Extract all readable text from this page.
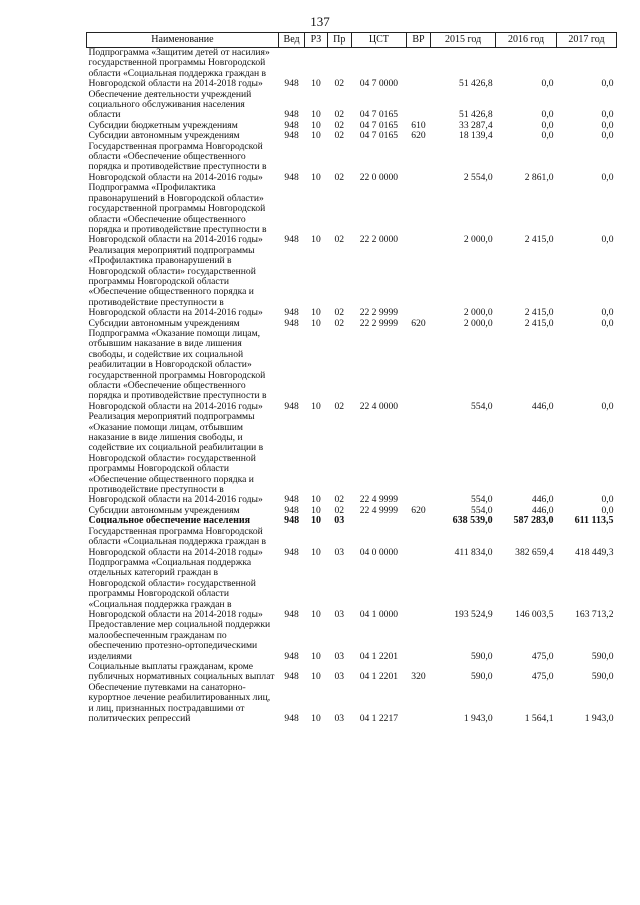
137
Наименование	Вед	РЗ	Пр	ЦСТ	ВР	2015 год	2016 год	2017 год
Подпрограмма «Защитим детей от насилия» государственной программы Новгородской области «Социальная поддержка граждан в Новгородской области на 2014-2018 годы»	948	10	02	04 7 0000		51 426,8	0,0	0,0
Обеспечение деятельности учреждений социального обслуживания населения области	948	10	02	04 7 0165		51 426,8	0,0	0,0
Субсидии бюджетным учреждениям	948	10	02	04 7 0165	610	33 287,4	0,0	0,0
Субсидии автономным учреждениям	948	10	02	04 7 0165	620	18 139,4	0,0	0,0
Государственная программа Новгородской области «Обеспечение общественного порядка и противодействие преступности в Новгородской области на 2014-2016 годы»	948	10	02	22 0 0000		2 554,0	2 861,0	0,0
Подпрограмма «Профилактика правонарушений в Новгородской области» государственной программы Новгородской области «Обеспечение общественного порядка и противодействие преступности в Новгородской области на 2014-2016 годы»	948	10	02	22 2 0000		2 000,0	2 415,0	0,0
Реализация мероприятий подпрограммы «Профилактика правонарушений в Новгородской области» государственной программы Новгородской области «Обеспечение общественного порядка и противодействие преступности в Новгородской области на 2014-2016 годы»	948	10	02	22 2 9999		2 000,0	2 415,0	0,0
Субсидии автономным учреждениям	948	10	02	22 2 9999	620	2 000,0	2 415,0	0,0
Подпрограмма «Оказание помощи лицам, отбывшим наказание в виде лишения свободы, и содействие их социальной реабилитации в Новгородской области» государственной программы Новгородской области «Обеспечение общественного порядка и противодействие преступности в Новгородской области на 2014-2016 годы»	948	10	02	22 4 0000		554,0	446,0	0,0
Реализация мероприятий подпрограммы «Оказание помощи лицам, отбывшим наказание в виде лишения свободы, и содействие их социальной реабилитации в Новгородской области» государственной программы Новгородской области «Обеспечение общественного порядка и противодействие преступности в Новгородской области на 2014-2016 годы»	948	10	02	22 4 9999		554,0	446,0	0,0
Субсидии автономным учреждениям	948	10	02	22 4 9999	620	554,0	446,0	0,0
Социальное обеспечение населения	948	10	03			638 539,0	587 283,0	611 113,5
Государственная программа Новгородской области «Социальная поддержка граждан в Новгородской области на 2014-2018 годы»	948	10	03	04 0 0000		411 834,0	382 659,4	418 449,3
Подпрограмма «Социальная поддержка отдельных категорий граждан в Новгородской области» государственной программы Новгородской области «Социальная поддержка граждан в Новгородской области на 2014-2018 годы»	948	10	03	04 1 0000		193 524,9	146 003,5	163 713,2
Предоставление мер социальной поддержки малообеспеченным гражданам по обеспечению протезно-ортопедическими изделиями	948	10	03	04 1 2201		590,0	475,0	590,0
Социальные выплаты гражданам, кроме публичных нормативных социальных выплат	948	10	03	04 1 2201	320	590,0	475,0	590,0
Обеспечение путевками на санаторно-курортное лечение реабилитированных лиц, и лиц, признанных пострадавшими от политических репрессий	948	10	03	04 1 2217		1 943,0	1 564,1	1 943,0
